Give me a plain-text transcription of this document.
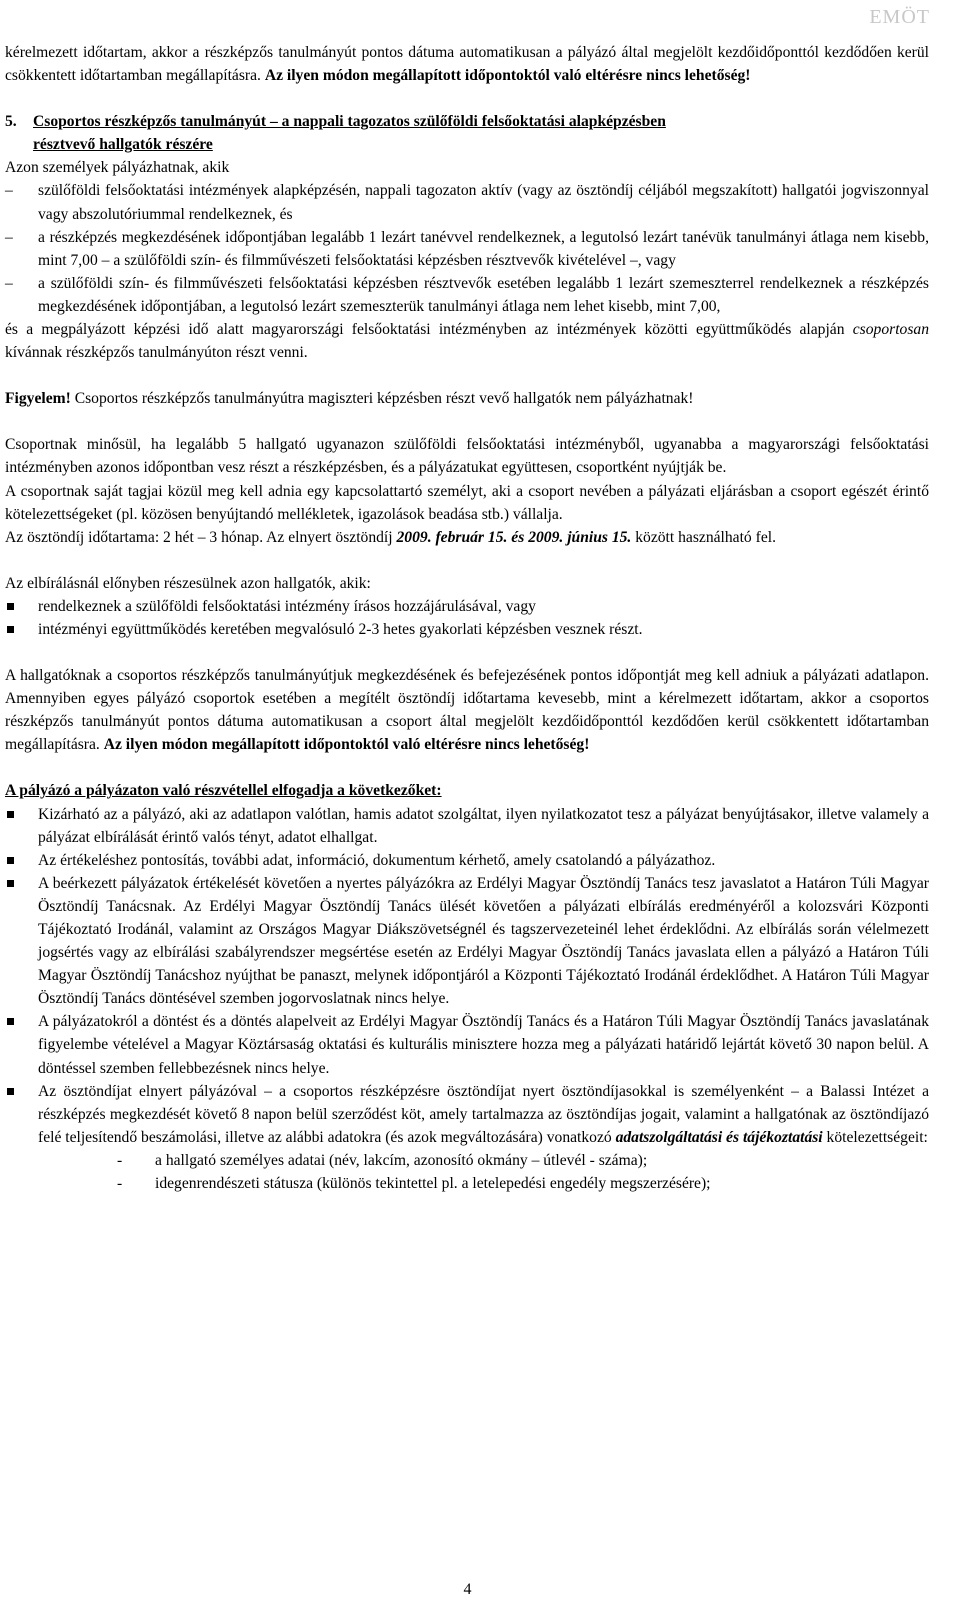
EMÖT

kérelmezett időtartam, akkor a részképzős tanulmányút pontos dátuma automatikusan a pályázó által megjelölt kezdőidőponttól kezdődően kerül csökkentett időtartamban megállapításra. Az ilyen módon megállapított időpontoktól való eltérésre nincs lehetőség!

5. Csoportos részképzős tanulmányút – a nappali tagozatos szülőföldi felsőoktatási alapképzésben
résztvevő hallgatók részére

Azon személyek pályázhatnak, akik

–	szülőföldi felsőoktatási intézmények alapképzésén, nappali tagozaton aktív (vagy az ösztöndíj céljából megszakított) hallgatói jogviszonnyal vagy abszolutóriummal rendelkeznek, és
–	a részképzés megkezdésének időpontjában legalább 1 lezárt tanévvel rendelkeznek, a legutolsó lezárt tanévük tanulmányi átlaga nem kisebb, mint 7,00 – a szülőföldi szín- és filmművészeti felsőoktatási képzésben résztvevők kivételével –, vagy
–	a szülőföldi szín- és filmművészeti felsőoktatási képzésben résztvevők esetében legalább 1 lezárt szemeszterrel rendelkeznek a részképzés megkezdésének időpontjában, a legutolsó lezárt szemeszterük tanulmányi átlaga nem lehet kisebb, mint 7,00,

és a megpályázott képzési idő alatt magyarországi felsőoktatási intézményben az intézmények közötti együttműködés alapján csoportosan kívánnak részképzős tanulmányúton részt venni.

Figyelem! Csoportos részképzős tanulmányútra magiszteri képzésben részt vevő hallgatók nem pályázhatnak!

Csoportnak minősül, ha legalább 5 hallgató ugyanazon szülőföldi felsőoktatási intézményből, ugyanabba a magyarországi felsőoktatási intézményben azonos időpontban vesz részt a részképzésben, és a pályázatukat együttesen, csoportként nyújtják be.

A csoportnak saját tagjai közül meg kell adnia egy kapcsolattartó személyt, aki a csoport nevében a pályázati eljárásban a csoport egészét érintő kötelezettségeket (pl. közösen benyújtandó mellékletek, igazolások beadása stb.) vállalja.

Az ösztöndíj időtartama: 2 hét – 3 hónap. Az elnyert ösztöndíj 2009. február 15. és 2009. június 15. között használható fel.

Az elbírálásnál előnyben részesülnek azon hallgatók, akik:

rendelkeznek a szülőföldi felsőoktatási intézmény írásos hozzájárulásával, vagy
intézményi együttműködés keretében megvalósuló 2-3 hetes gyakorlati képzésben vesznek részt.

A hallgatóknak a csoportos részképzős tanulmányútjuk megkezdésének és befejezésének pontos időpontját meg kell adniuk a pályázati adatlapon. Amennyiben egyes pályázó csoportok esetében a megítélt ösztöndíj időtartama kevesebb, mint a kérelmezett időtartam, akkor a csoportos részképzős tanulmányút pontos dátuma automatikusan a csoport által megjelölt kezdőidőponttól kezdődően kerül csökkentett időtartamban megállapításra. Az ilyen módon megállapított időpontoktól való eltérésre nincs lehetőség!

A pályázó a pályázaton való részvétellel elfogadja a következőket:

Kizárható az a pályázó, aki az adatlapon valótlan, hamis adatot szolgáltat, ilyen nyilatkozatot tesz a pályázat benyújtásakor, illetve valamely a pályázat elbírálását érintő valós tényt, adatot elhallgat.
Az értékeléshez pontosítás, további adat, információ, dokumentum kérhető, amely csatolandó a pályázathoz.
A beérkezett pályázatok értékelését követően a nyertes pályázókra az Erdélyi Magyar Ösztöndíj Tanács tesz javaslatot a Határon Túli Magyar Ösztöndíj Tanácsnak. Az Erdélyi Magyar Ösztöndíj Tanács ülését követően a pályázati elbírálás eredményéről a kolozsvári Központi Tájékoztató Irodánál, valamint az Országos Magyar Diákszövetségnél és tagszervezeteinél lehet érdeklődni. Az elbírálás során vélelmezett jogsértés vagy az elbírálási szabályrendszer megsértése esetén az Erdélyi Magyar Ösztöndíj Tanács javaslata ellen a pályázó a Határon Túli Magyar Ösztöndíj Tanácshoz nyújthat be panaszt, melynek időpontjáról a Központi Tájékoztató Irodánál érdeklődhet. A Határon Túli Magyar Ösztöndíj Tanács döntésével szemben jogorvoslatnak nincs helye.
A pályázatokról a döntést és a döntés alapelveit az Erdélyi Magyar Ösztöndíj Tanács és a Határon Túli Magyar Ösztöndíj Tanács javaslatának figyelembe vételével a Magyar Köztársaság oktatási és kulturális minisztere hozza meg a pályázati határidő lejártát követő 30 napon belül. A döntéssel szemben fellebbezésnek nincs helye.
Az ösztöndíjat elnyert pályázóval – a csoportos részképzésre ösztöndíjat nyert ösztöndíjasokkal is személyenként – a Balassi Intézet a részképzés megkezdését követő 8 napon belül szerződést köt, amely tartalmazza az ösztöndíjas jogait, valamint a hallgatónak az ösztöndíjazó felé teljesítendő beszámolási, illetve az alábbi adatokra (és azok megváltozására) vonatkozó adatszolgáltatási és tájékoztatási kötelezettségeit:
- a hallgató személyes adatai (név, lakcím, azonosító okmány – útlevél - száma);
- idegenrendészeti státusza (különös tekintettel pl. a letelepedési engedély megszerzésére);
4
